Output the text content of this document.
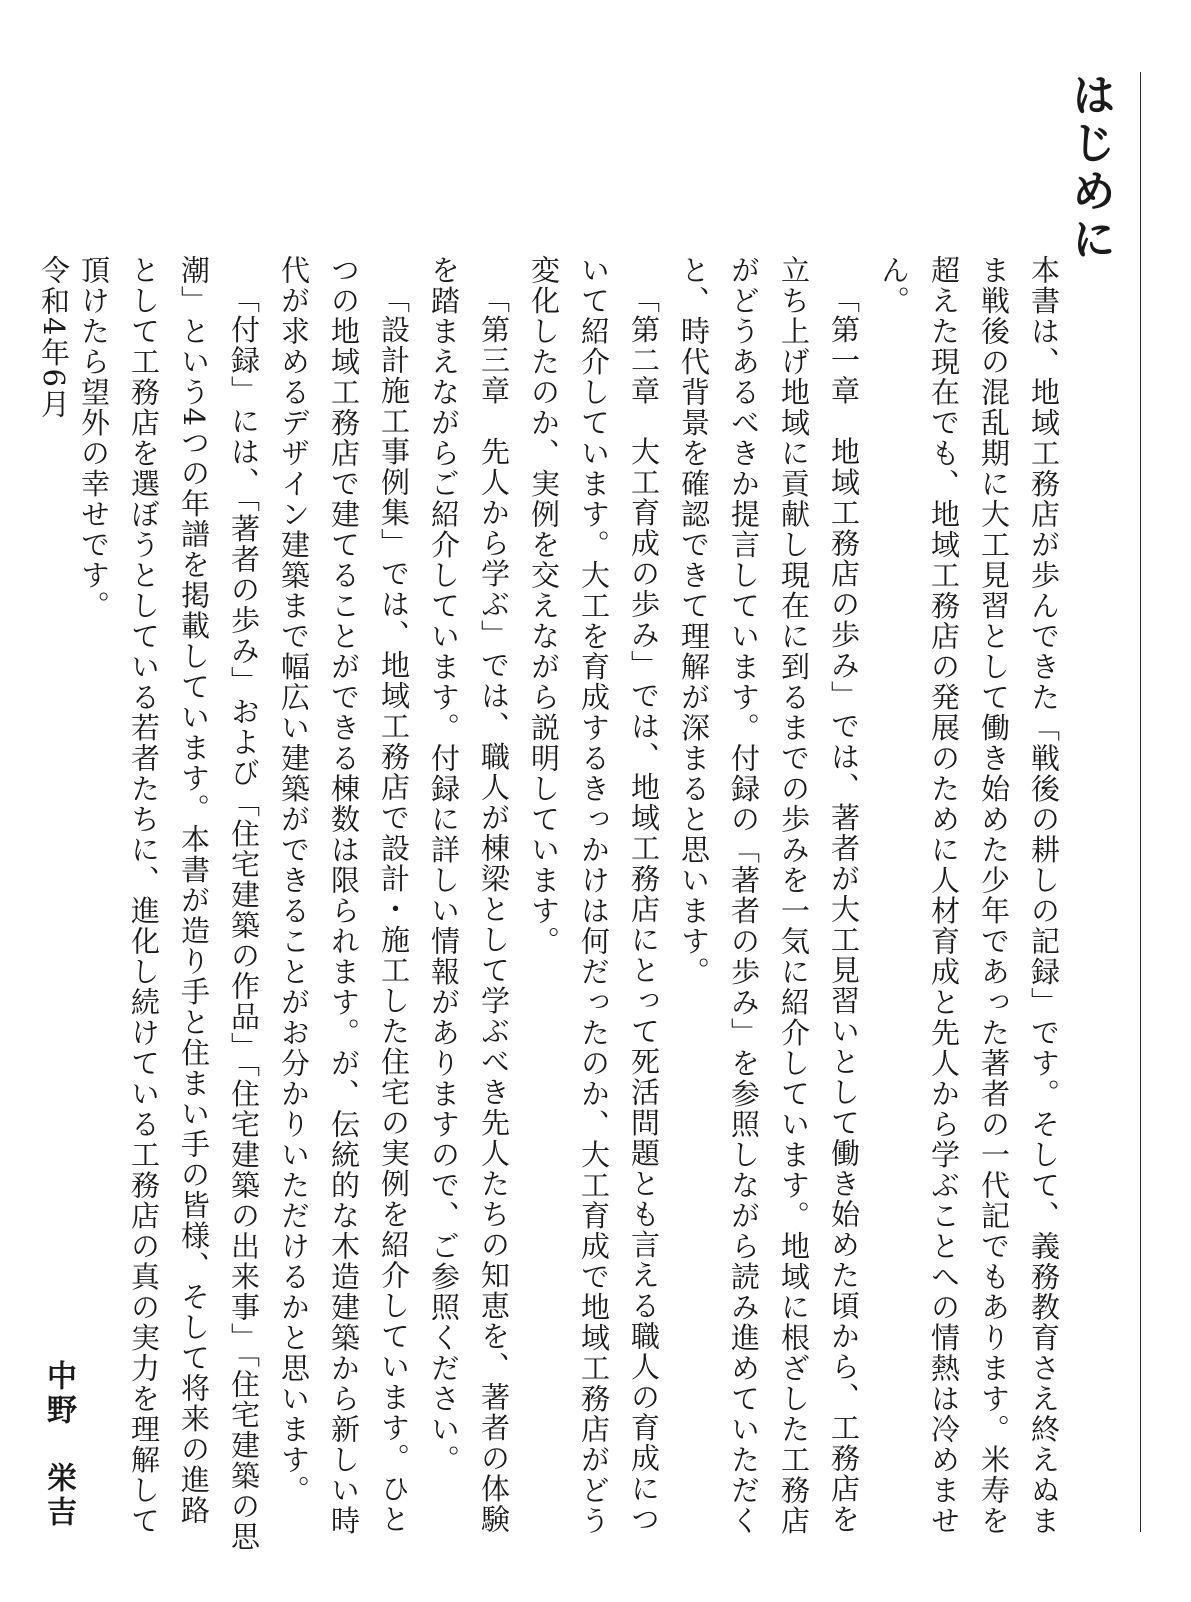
はじめに

本書は、地域工務店が歩んできた「戦後の耕しの記録」です。そして、義務教育さえ終えぬまま戦後の混乱期に大工見習として働き始めた少年であった著者の一代記でもあります。米寿を超えた現在でも、地域工務店の発展のために人材育成と先人から学ぶことへの情熱は冷めません。

「第一章　地域工務店の歩み」では、著者が大工見習いとして働き始めた頃から、工務店を立ち上げ地域に貢献し現在に到るまでの歩みを一気に紹介しています。地域に根ざした工務店がどうあるべきか提言しています。付録の「著者の歩み」を参照しながら読み進めていただくと、時代背景を確認できて理解が深まると思います。

「第二章　大工育成の歩み」では、地域工務店にとって死活問題とも言える職人の育成について紹介しています。大工を育成するきっかけは何だったのか、大工育成で地域工務店がどう変化したのか、実例を交えながら説明しています。

「第三章　先人から学ぶ」では、職人が棟梁として学ぶべき先人たちの知恵を、著者の体験を踏まえながらご紹介しています。付録に詳しい情報がありますので、ご参照ください。

「設計施工事例集」では、地域工務店で設計・施工した住宅の実例を紹介しています。ひとつの地域工務店で建てることができる棟数は限られます。が、伝統的な木造建築から新しい時代が求めるデザイン建築まで幅広い建築ができることがお分かりいただけるかと思います。

「付録」には、「著者の歩み」および「住宅建築の作品」「住宅建築の出来事」「住宅建築の思潮」という4つの年譜を掲載しています。本書が造り手と住まい手の皆様、そして将来の進路として工務店を選ぼうとしている若者たちに、進化し続けている工務店の真の実力を理解して頂けたら望外の幸せです。

令和4年6月
中野　栄吉
